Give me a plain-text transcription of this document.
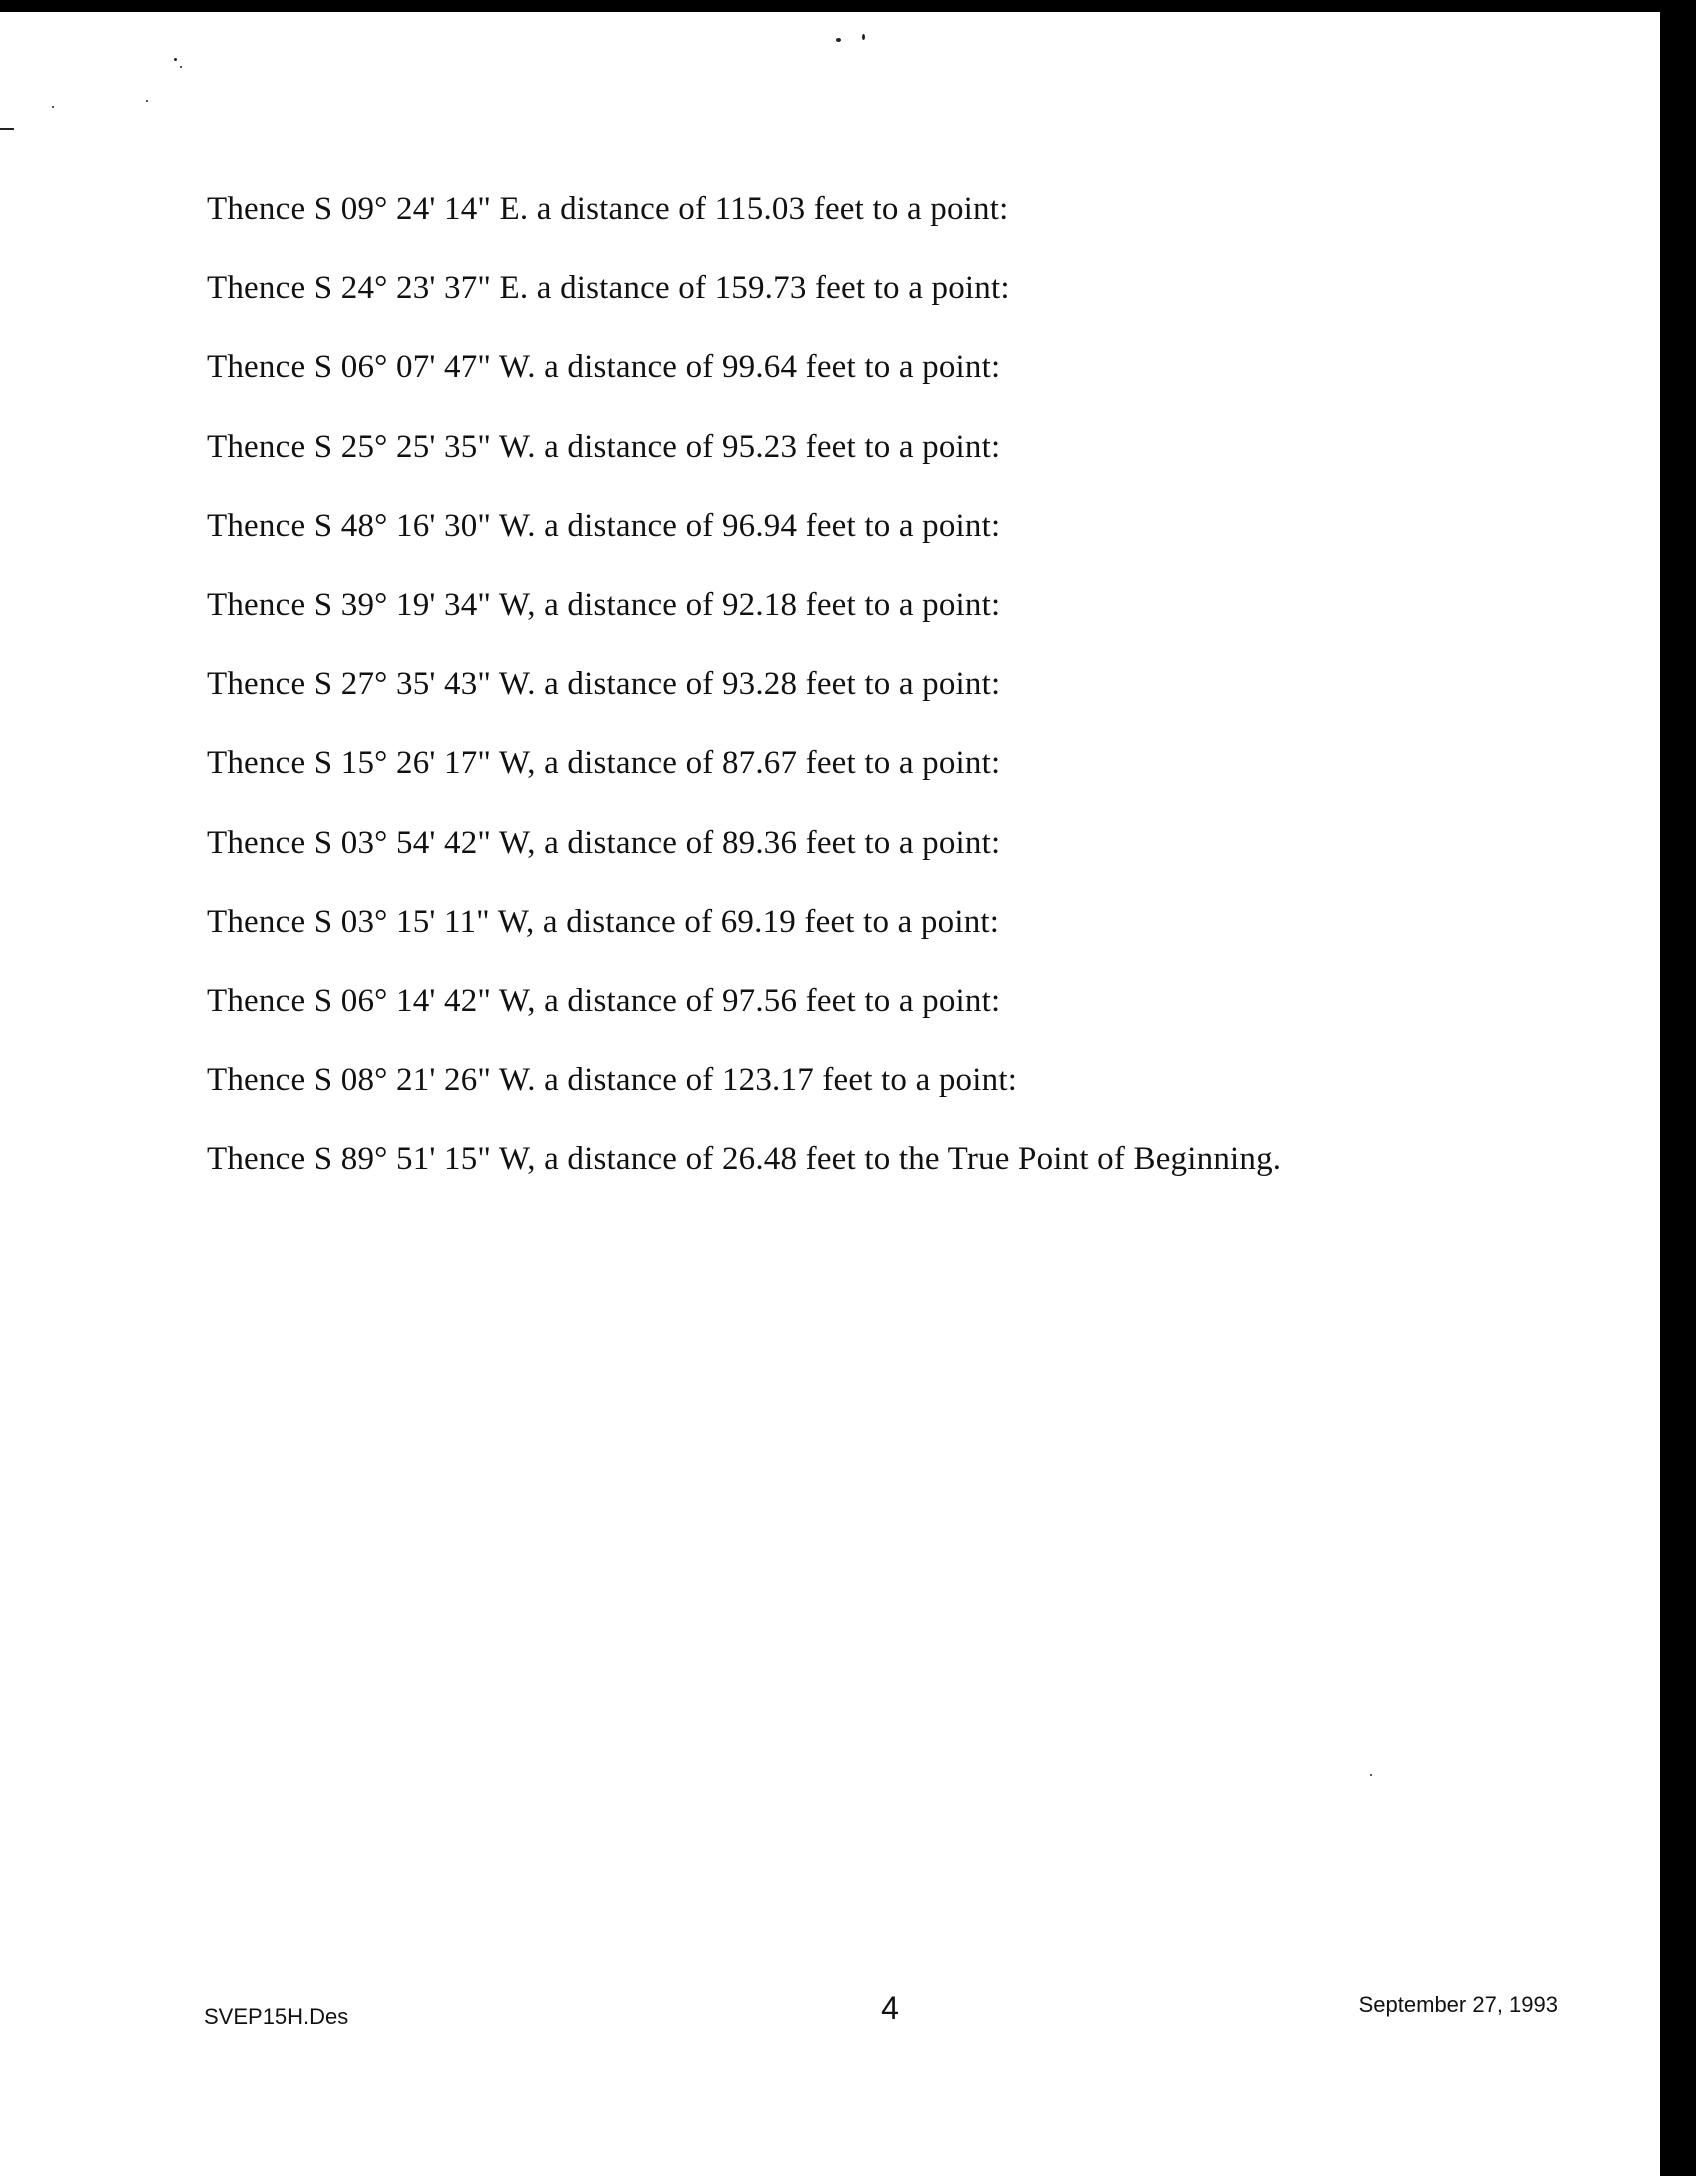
Thence S 09° 24' 14" E. a distance of 115.03 feet to a point:
Thence S 24° 23' 37" E. a distance of 159.73 feet to a point:
Thence S 06° 07' 47" W. a distance of 99.64 feet to a point:
Thence S 25° 25' 35" W. a distance of 95.23 feet to a point:
Thence S 48° 16' 30" W. a distance of 96.94 feet to a point:
Thence S 39° 19' 34" W, a distance of 92.18 feet to a point:
Thence S 27° 35' 43" W. a distance of 93.28 feet to a point:
Thence S 15° 26' 17" W, a distance of 87.67 feet to a point:
Thence S 03° 54' 42" W, a distance of 89.36 feet to a point:
Thence S 03° 15' 11" W, a distance of 69.19 feet to a point:
Thence S 06° 14' 42" W, a distance of 97.56 feet to a point:
Thence S 08° 21' 26" W. a distance of 123.17 feet to a point:
Thence S 89° 51' 15" W, a distance of 26.48 feet to the True Point of Beginning.
SVEP15H.Des	4	September 27, 1993
